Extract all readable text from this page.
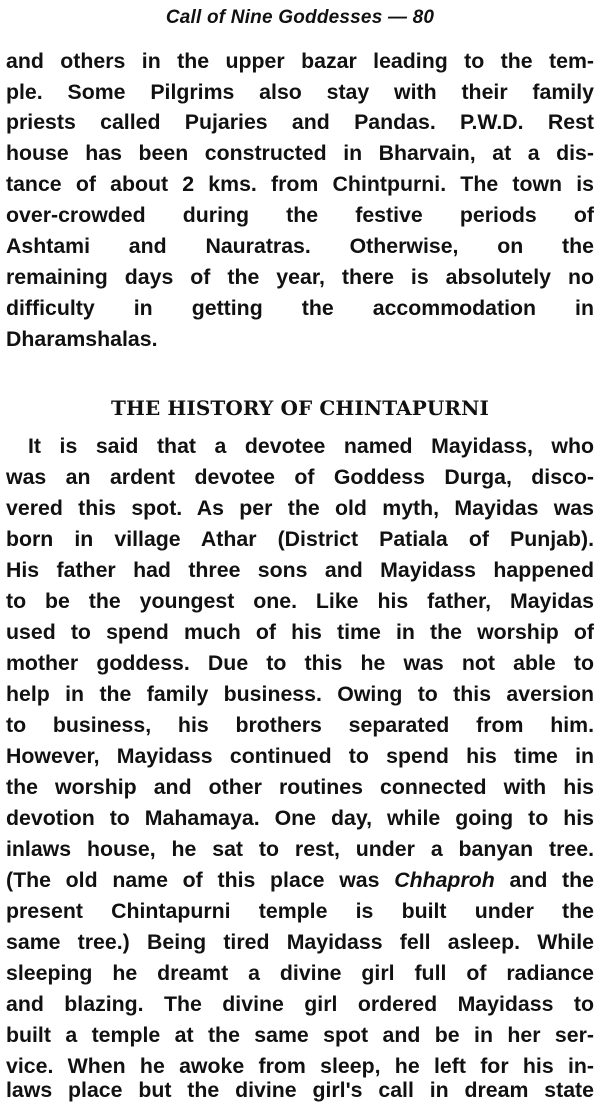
Call of Nine Goddesses — 80
and others in the upper bazar leading to the tem-
ple. Some Pilgrims also stay with their family
priests called Pujaries and Pandas. P.W.D. Rest
house has been constructed in Bharvain, at a dis-
tance of about 2 kms. from Chintpurni. The town is
over-crowded during the festive periods of
Ashtami and Nauratras. Otherwise, on the
remaining days of the year, there is absolutely no
difficulty in getting the accommodation in
Dharamshalas.
THE HISTORY OF CHINTAPURNI
It is said that a devotee named Mayidass, who
was an ardent devotee of Goddess Durga, disco-
vered this spot. As per the old myth, Mayidas was
born in village Athar (District Patiala of Punjab).
His father had three sons and Mayidass happened
to be the youngest one. Like his father, Mayidas
used to spend much of his time in the worship of
mother goddess. Due to this he was not able to
help in the family business. Owing to this aversion
to business, his brothers separated from him.
However, Mayidass continued to spend his time in
the worship and other routines connected with his
devotion to Mahamaya. One day, while going to his
inlaws house, he sat to rest, under a banyan tree.
(The old name of this place was Chhaproh and the
present Chintapurni temple is built under the
same tree.) Being tired Mayidass fell asleep. While
sleeping he dreamt a divine girl full of radiance
and blazing. The divine girl ordered Mayidass to
built a temple at the same spot and be in her ser-
vice. When he awoke from sleep, he left for his in-
laws place but the divine girl's call in dream state
